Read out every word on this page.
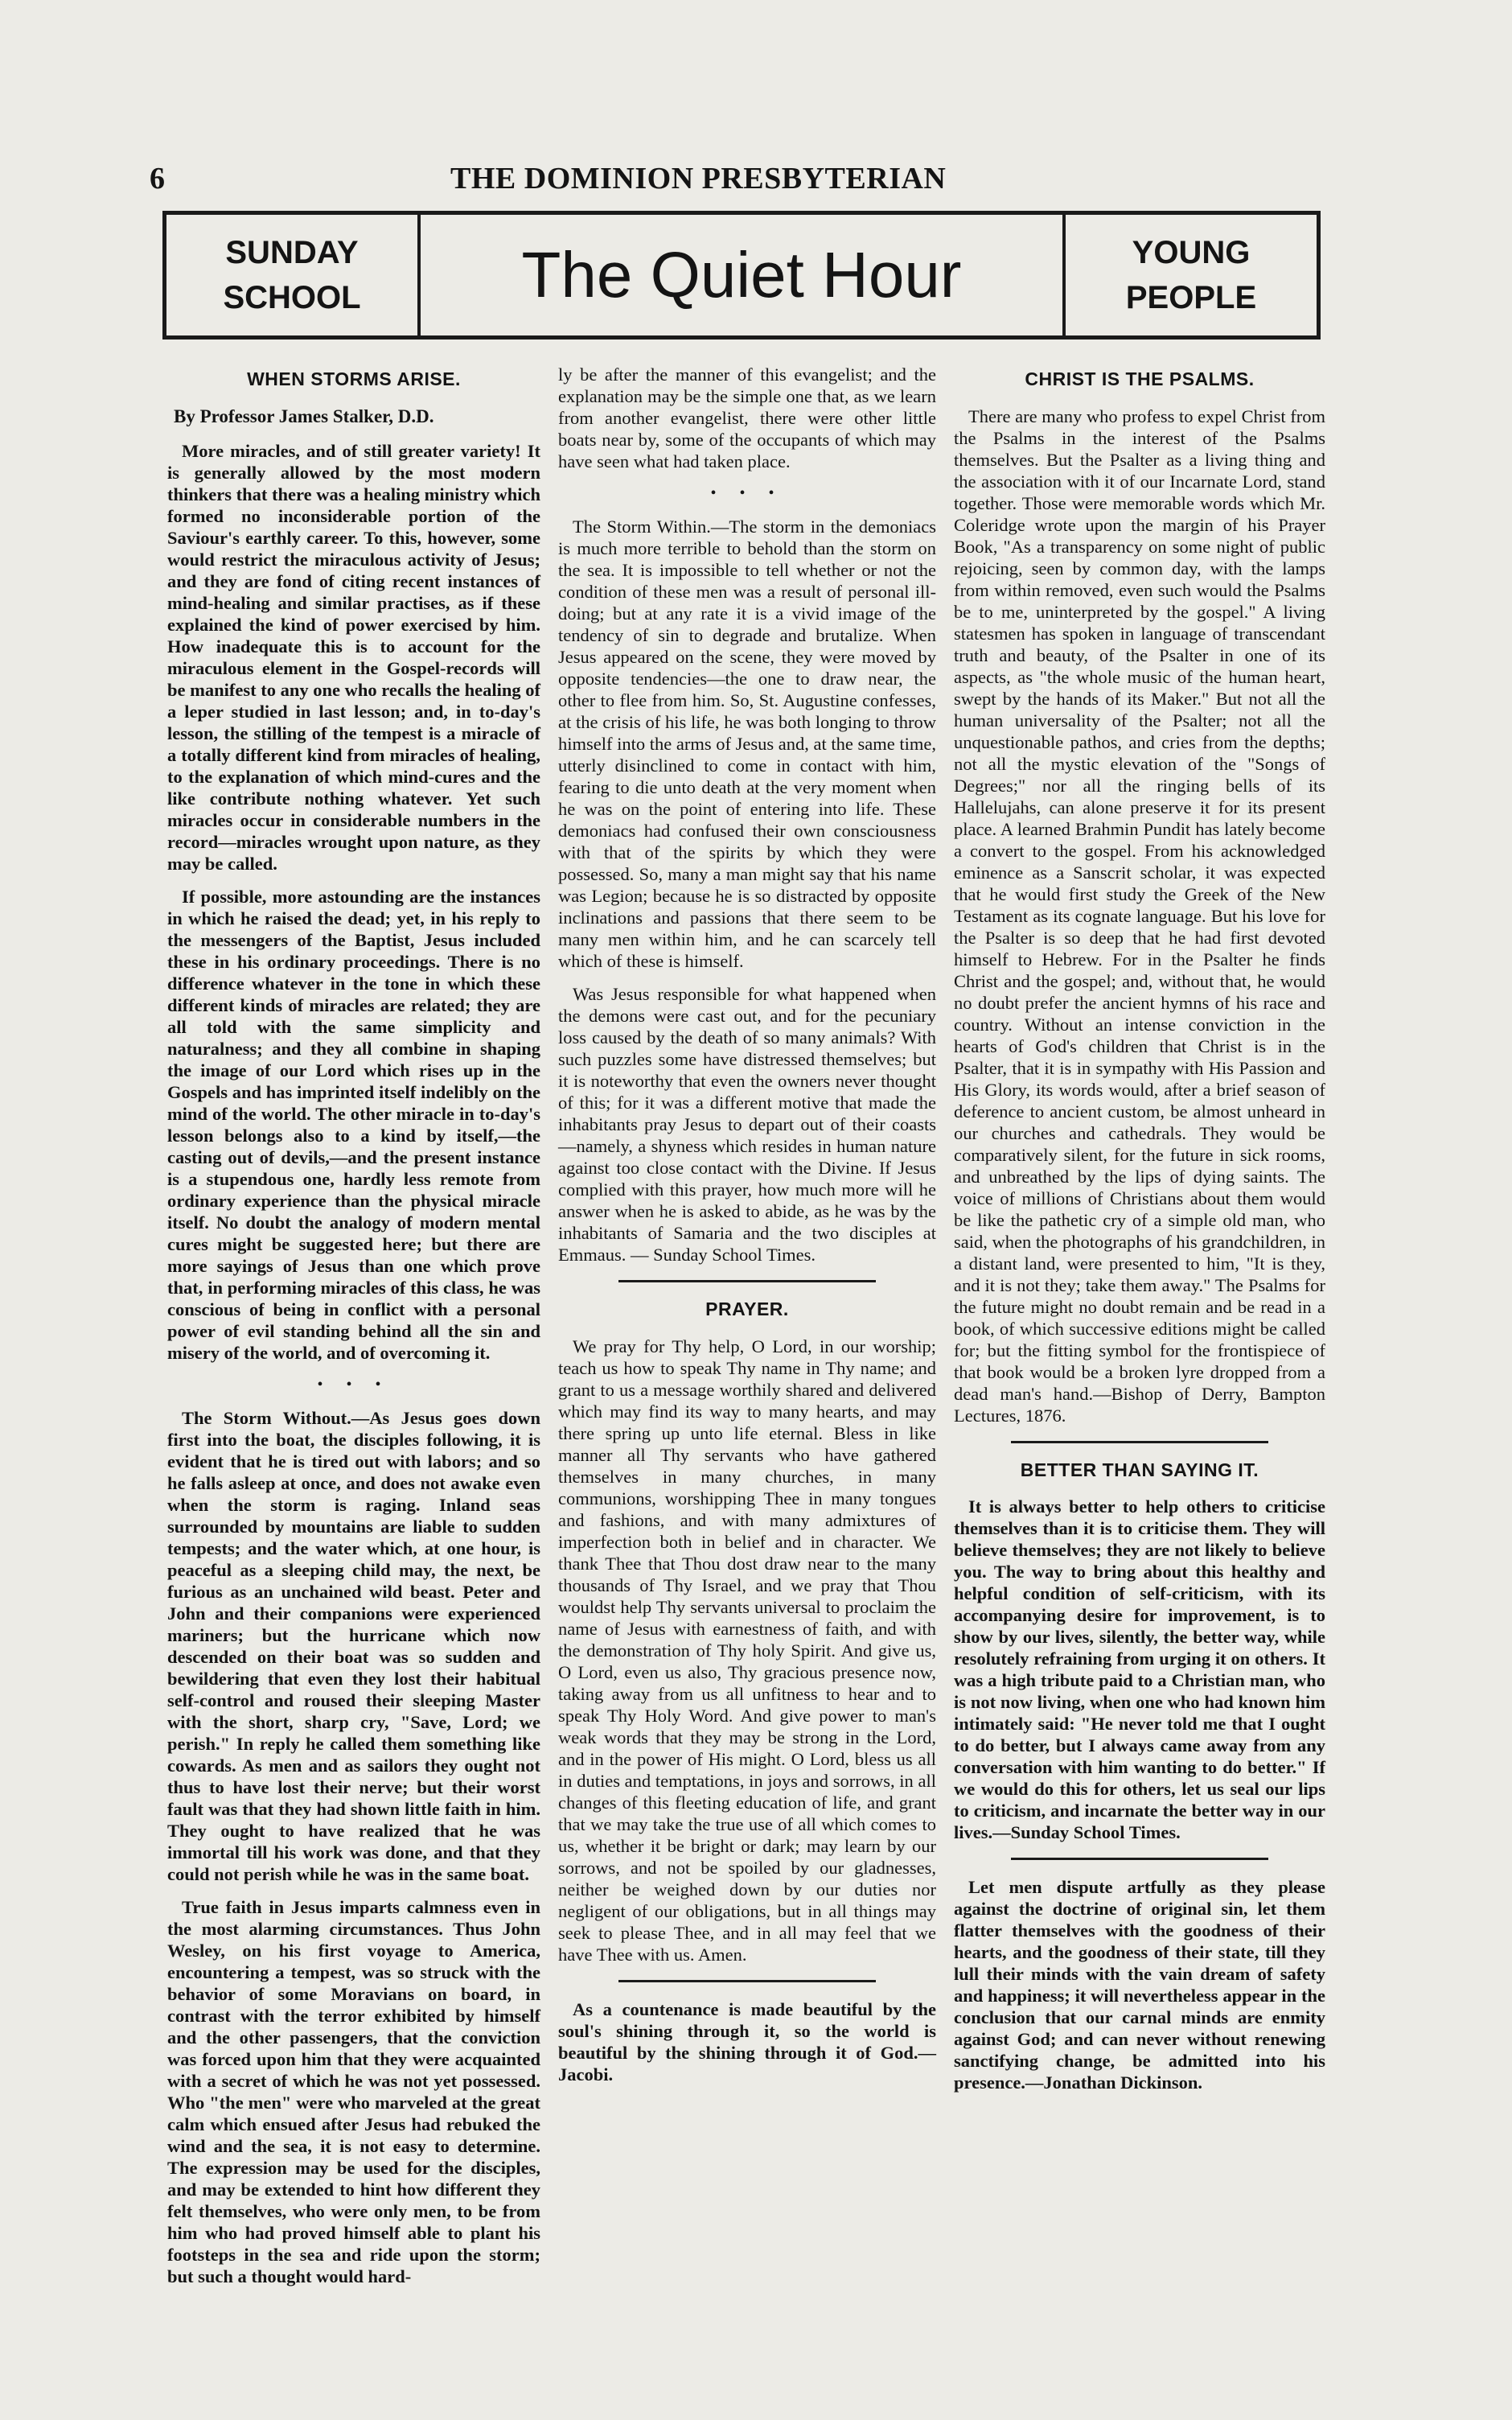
6	THE DOMINION PRESBYTERIAN
SUNDAY
SCHOOL	The Quiet Hour	YOUNG
PEOPLE
WHEN STORMS ARISE.
By Professor James Stalker, D.D.

More miracles, and of still greater variety! It is generally allowed by the most modern thinkers that there was a healing ministry which formed no inconsiderable portion of the Saviour's earthly career. To this, however, some would restrict the miraculous activity of Jesus; and they are fond of citing recent instances of mind-healing and similar practises, as if these explained the kind of power exercised by him. How inadequate this is to account for the miraculous element in the Gospel-records will be manifest to any one who recalls the healing of a leper studied in last lesson; and, in to-day's lesson, the stilling of the tempest is a miracle of a totally different kind from miracles of healing, to the explanation of which mind-cures and the like contribute nothing whatever. Yet such miracles occur in considerable numbers in the record—miracles wrought upon nature, as they may be called.

If possible, more astounding are the instances in which he raised the dead; yet, in his reply to the messengers of the Baptist, Jesus included these in his ordinary proceedings. There is no difference whatever in the tone in which these different kinds of miracles are related; they are all told with the same simplicity and naturalness; and they all combine in shaping the image of our Lord which rises up in the Gospels and has imprinted itself indelibly on the mind of the world. The other miracle in to-day's lesson belongs also to a kind by itself,—the casting out of devils,—and the present instance is a stupendous one, hardly less remote from ordinary experience than the physical miracle itself. No doubt the analogy of modern mental cures might be suggested here; but there are more sayings of Jesus than one which prove that, in performing miracles of this class, he was conscious of being in conflict with a personal power of evil standing behind all the sin and misery of the world, and of overcoming it.

• • •

The Storm Without.—As Jesus goes down first into the boat, the disciples following, it is evident that he is tired out with labors; and so he falls asleep at once, and does not awake even when the storm is raging. Inland seas surrounded by mountains are liable to sudden tempests; and the water which, at one hour, is peaceful as a sleeping child may, the next, be furious as an unchained wild beast. Peter and John and their companions were experienced mariners; but the hurricane which now descended on their boat was so sudden and bewildering that even they lost their habitual self-control and roused their sleeping Master with the short, sharp cry, "Save, Lord; we perish." In reply he called them something like cowards. As men and as sailors they ought not thus to have lost their nerve; but their worst fault was that they had shown little faith in him. They ought to have realized that he was immortal till his work was done, and that they could not perish while he was in the same boat.

True faith in Jesus imparts calmness even in the most alarming circumstances. Thus John Wesley, on his first voyage to America, encountering a tempest, was so struck with the behavior of some Moravians on board, in contrast with the terror exhibited by himself and the other passengers, that the conviction was forced upon him that they were acquainted with a secret of which he was not yet possessed. Who "the men" were who marveled at the great calm which ensued after Jesus had rebuked the wind and the sea, it is not easy to determine. The expression may be used for the disciples, and may be extended to hint how different they felt themselves, who were only men, to be from him who had proved himself able to plant his footsteps in the sea and ride upon the storm; but such a thought would hard-

ly be after the manner of this evangelist; and the explanation may be the simple one that, as we learn from another evangelist, there were other little boats near by, some of the occupants of which may have seen what had taken place.

• • •

The Storm Within.—The storm in the demoniacs is much more terrible to behold than the storm on the sea. It is impossible to tell whether or not the condition of these men was a result of personal ill-doing; but at any rate it is a vivid image of the tendency of sin to degrade and brutalize. When Jesus appeared on the scene, they were moved by opposite tendencies—the one to draw near, the other to flee from him. So, St. Augustine confesses, at the crisis of his life, he was both longing to throw himself into the arms of Jesus and, at the same time, utterly disinclined to come in contact with him, fearing to die unto death at the very moment when he was on the point of entering into life. These demoniacs had confused their own consciousness with that of the spirits by which they were possessed. So, many a man might say that his name was Legion; because he is so distracted by opposite inclinations and passions that there seem to be many men within him, and he can scarcely tell which of these is himself.

Was Jesus responsible for what happened when the demons were cast out, and for the pecuniary loss caused by the death of so many animals? With such puzzles some have distressed themselves; but it is noteworthy that even the owners never thought of this; for it was a different motive that made the inhabitants pray Jesus to depart out of their coasts—namely, a shyness which resides in human nature against too close contact with the Divine. If Jesus complied with this prayer, how much more will he answer when he is asked to abide, as he was by the inhabitants of Samaria and the two disciples at Emmaus. — Sunday School Times.

PRAYER.

We pray for Thy help, O Lord, in our worship; teach us how to speak Thy name in Thy name; and grant to us a message worthily shared and delivered which may find its way to many hearts, and may there spring up unto life eternal. Bless in like manner all Thy servants who have gathered themselves in many churches, in many communions, worshipping Thee in many tongues and fashions, and with many admixtures of imperfection both in belief and in character. We thank Thee that Thou dost draw near to the many thousands of Thy Israel, and we pray that Thou wouldst help Thy servants universal to proclaim the name of Jesus with earnestness of faith, and with the demonstration of Thy holy Spirit. And give us, O Lord, even us also, Thy gracious presence now, taking away from us all unfitness to hear and to speak Thy Holy Word. And give power to man's weak words that they may be strong in the Lord, and in the power of His might. O Lord, bless us all in duties and temptations, in joys and sorrows, in all changes of this fleeting education of life, and grant that we may take the true use of all which comes to us, whether it be bright or dark; may learn by our sorrows, and not be spoiled by our gladnesses, neither be weighed down by our duties nor negligent of our obligations, but in all things may seek to please Thee, and in all may feel that we have Thee with us. Amen.

As a countenance is made beautiful by the soul's shining through it, so the world is beautiful by the shining through it of God.—Jacobi.

CHRIST IS THE PSALMS.

There are many who profess to expel Christ from the Psalms in the interest of the Psalms themselves. But the Psalter as a living thing and the association with it of our Incarnate Lord, stand together. Those were memorable words which Mr. Coleridge wrote upon the margin of his Prayer Book, "As a transparency on some night of public rejoicing, seen by common day, with the lamps from within removed, even such would the Psalms be to me, uninterpreted by the gospel." A living statesmen has spoken in language of transcendant truth and beauty, of the Psalter in one of its aspects, as "the whole music of the human heart, swept by the hands of its Maker." But not all the human universality of the Psalter; not all the unquestionable pathos, and cries from the depths; not all the mystic elevation of the "Songs of Degrees;" nor all the ringing bells of its Hallelujahs, can alone preserve it for its present place. A learned Brahmin Pundit has lately become a convert to the gospel. From his acknowledged eminence as a Sanscrit scholar, it was expected that he would first study the Greek of the New Testament as its cognate language. But his love for the Psalter is so deep that he had first devoted himself to Hebrew. For in the Psalter he finds Christ and the gospel; and, without that, he would no doubt prefer the ancient hymns of his race and country. Without an intense conviction in the hearts of God's children that Christ is in the Psalter, that it is in sympathy with His Passion and His Glory, its words would, after a brief season of deference to ancient custom, be almost unheard in our churches and cathedrals. They would be comparatively silent, for the future in sick rooms, and unbreathed by the lips of dying saints. The voice of millions of Christians about them would be like the pathetic cry of a simple old man, who said, when the photographs of his grandchildren, in a distant land, were presented to him, "It is they, and it is not they; take them away." The Psalms for the future might no doubt remain and be read in a book, of which successive editions might be called for; but the fitting symbol for the frontispiece of that book would be a broken lyre dropped from a dead man's hand.—Bishop of Derry, Bampton Lectures, 1876.

BETTER THAN SAYING IT.

It is always better to help others to criticise themselves than it is to criticise them. They will believe themselves; they are not likely to believe you. The way to bring about this healthy and helpful condition of self-criticism, with its accompanying desire for improvement, is to show by our lives, silently, the better way, while resolutely refraining from urging it on others. It was a high tribute paid to a Christian man, who is not now living, when one who had known him intimately said: "He never told me that I ought to do better, but I always came away from any conversation with him wanting to do better." If we would do this for others, let us seal our lips to criticism, and incarnate the better way in our lives.—Sunday School Times.

Let men dispute artfully as they please against the doctrine of original sin, let them flatter themselves with the goodness of their hearts, and the goodness of their state, till they lull their minds with the vain dream of safety and happiness; it will nevertheless appear in the conclusion that our carnal minds are enmity against God; and can never without renewing sanctifying change, be admitted into his presence.—Jonathan Dickinson.
